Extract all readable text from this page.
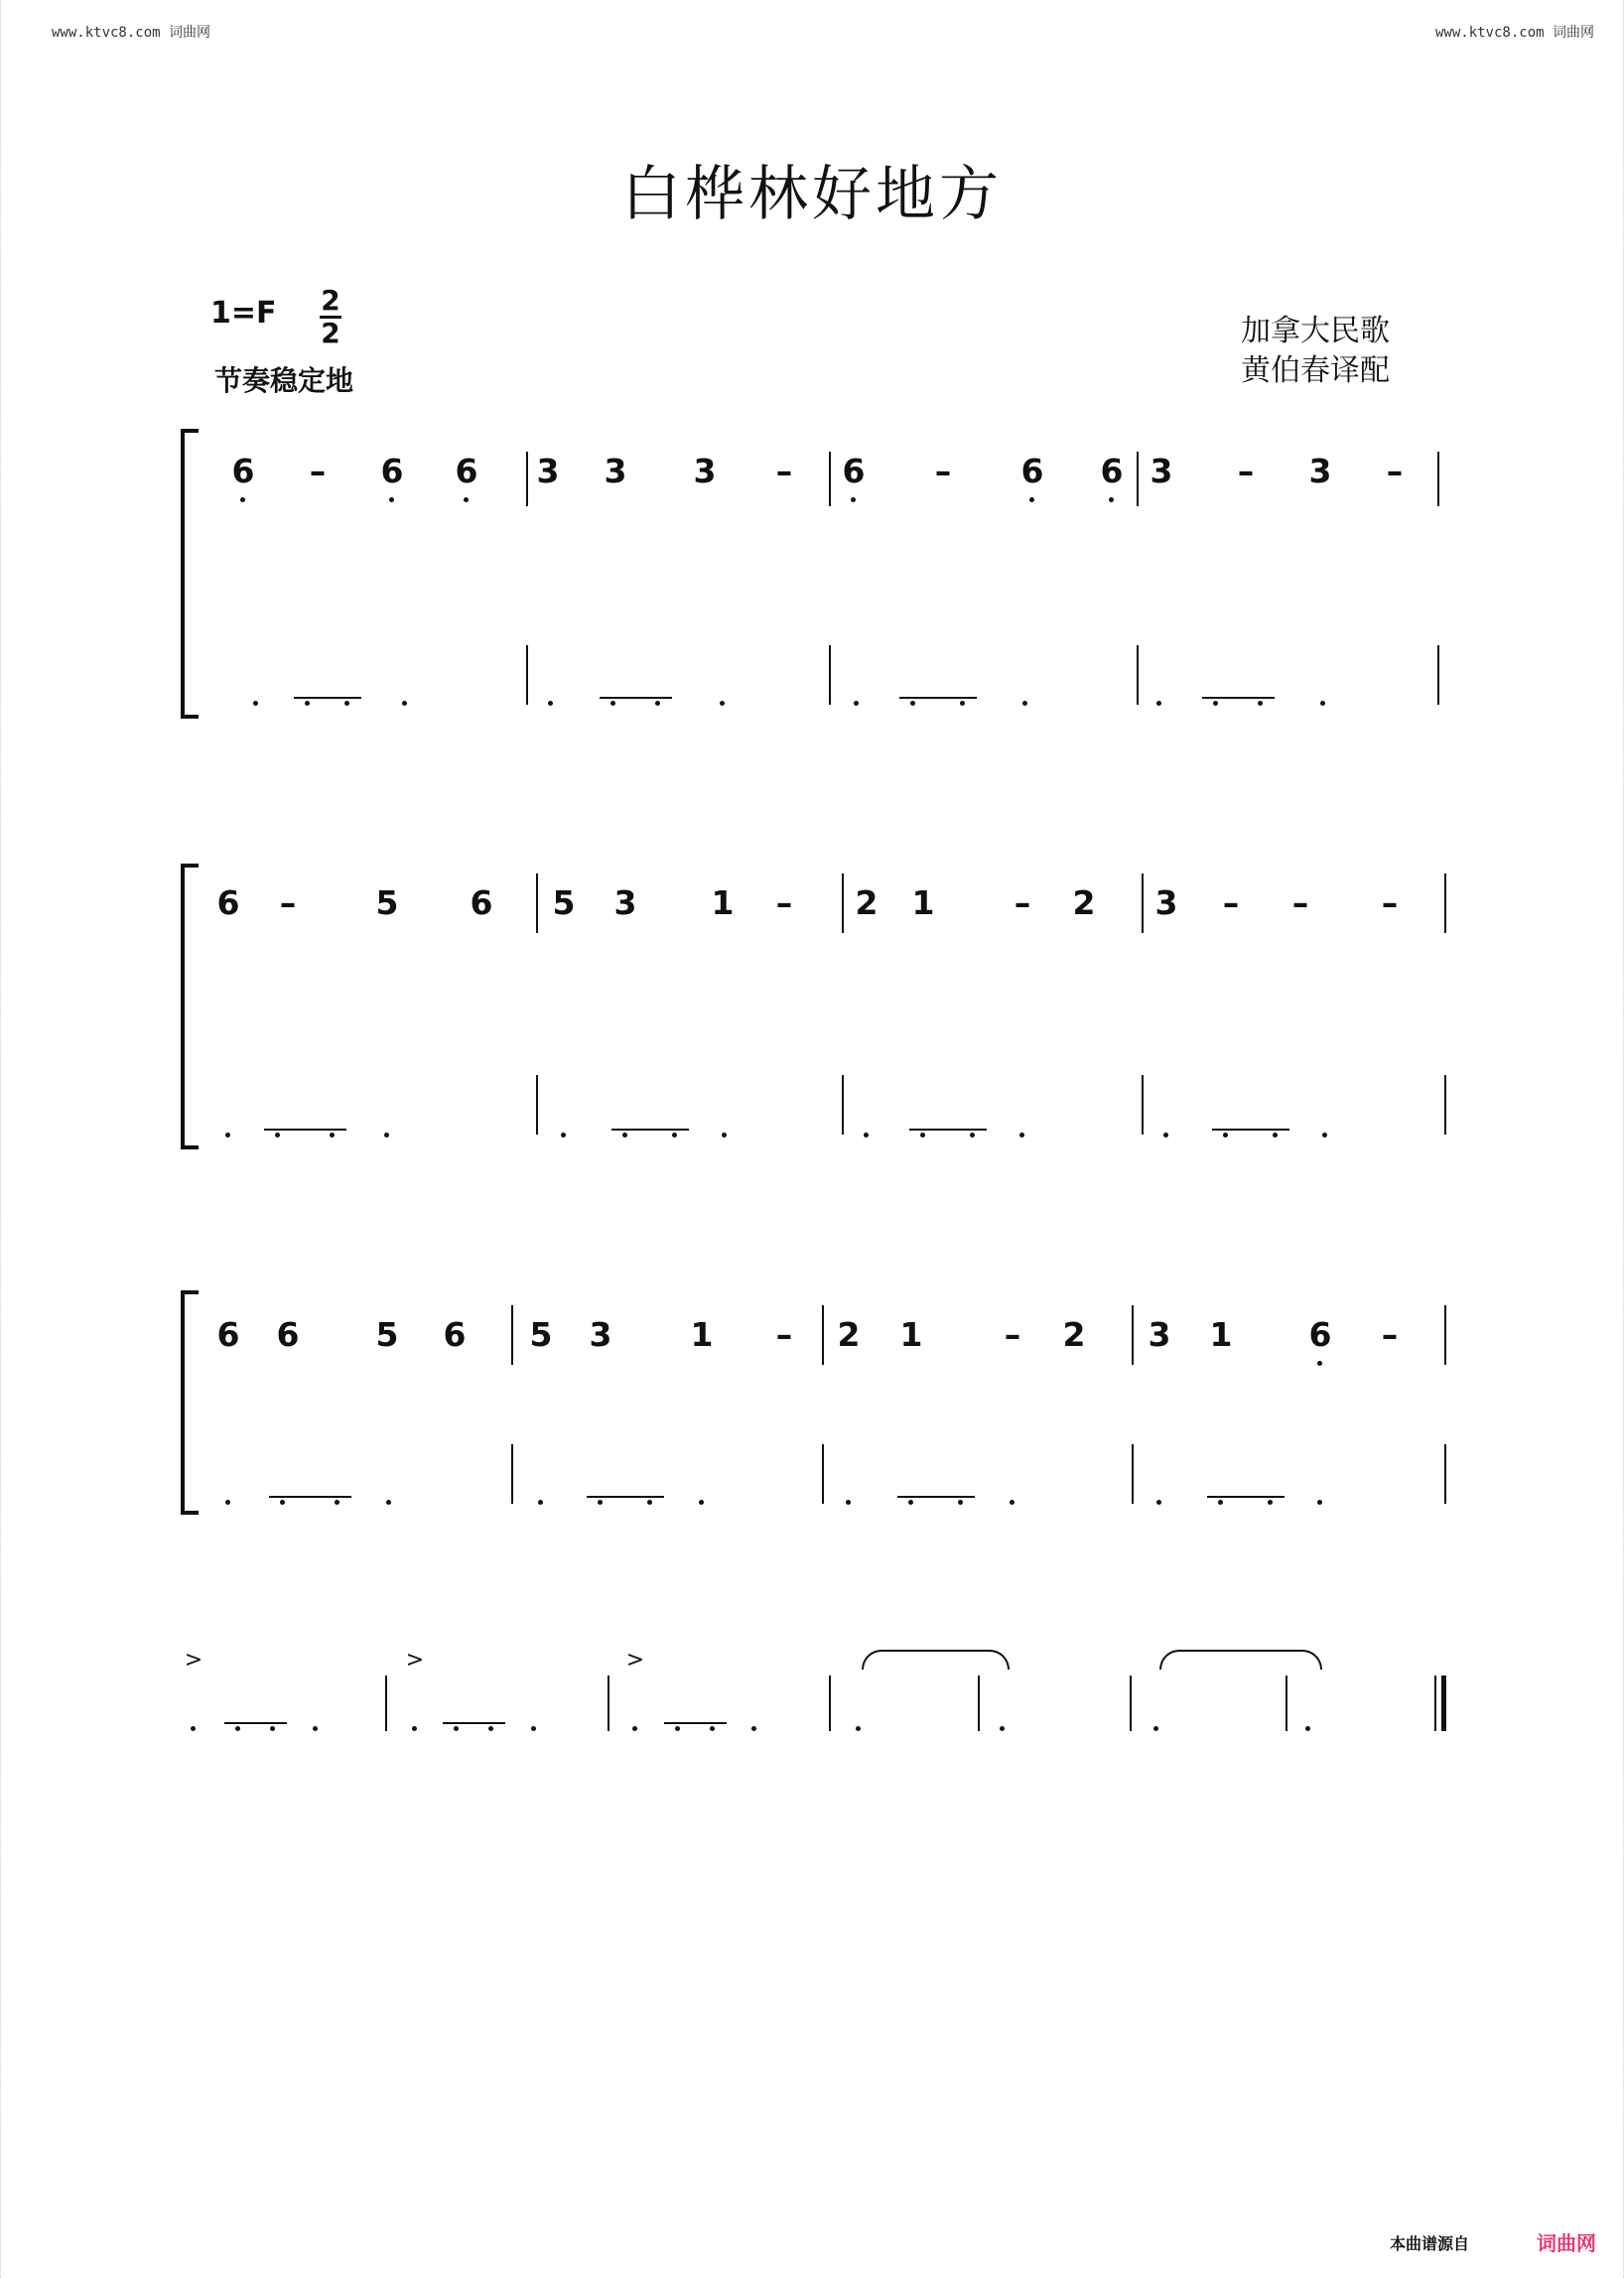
www.ktvc8.com 词曲网	www.ktvc8.com 词曲网
白桦林好地方
1=F 2
2
节奏稳定地
加拿大民歌
黄伯春译配
6 – 6 6 3 3 3 – 6 – 6 6 3 – 3 –
6 – 5 6 5 3 1 – 2 1 – 2 3 – – –
6 6 5 6 5 3 1 – 2 1 – 2 3 1 6 –
>	>	>
本曲谱源自	词曲网
